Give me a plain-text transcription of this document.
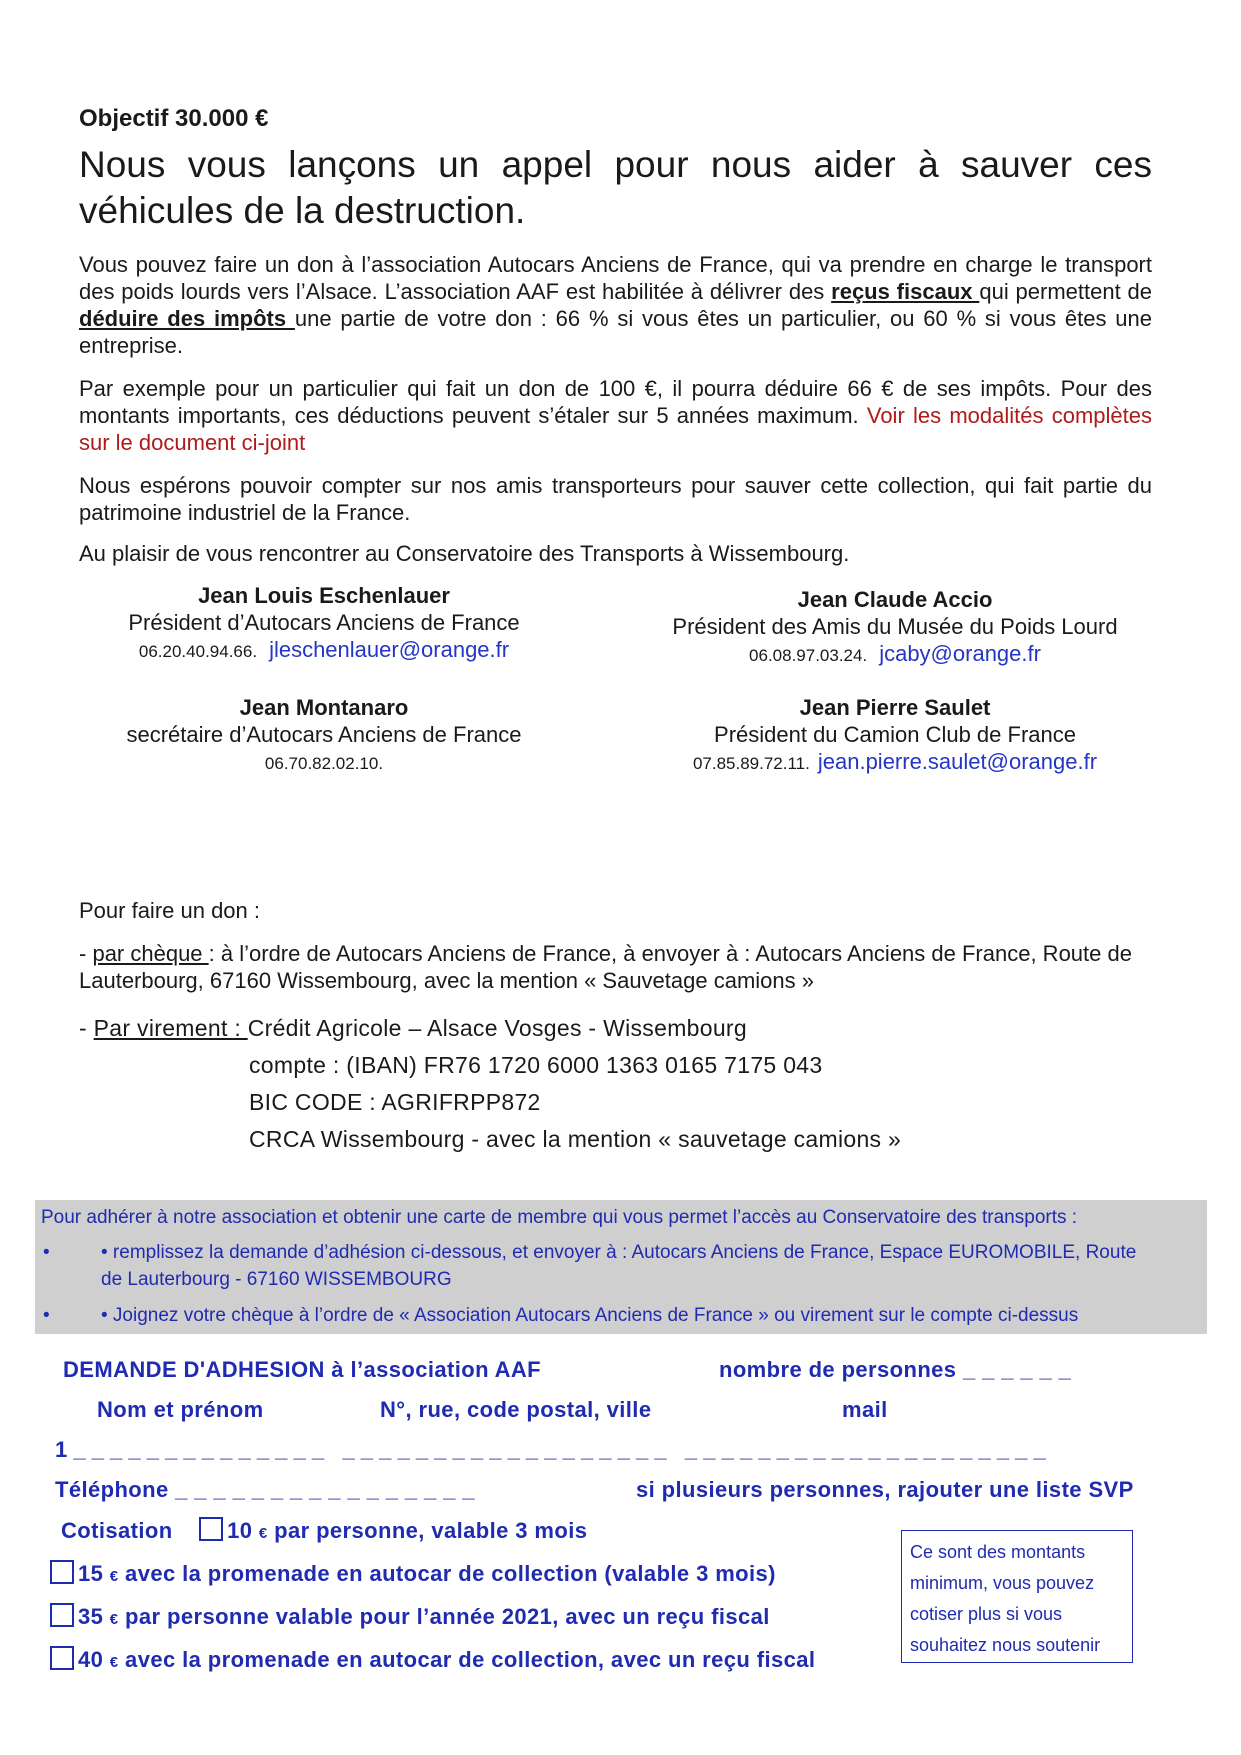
Objectif 30.000 €
Nous vous lançons un appel pour nous aider à sauver ces véhicules de la destruction.
Vous pouvez faire un don à l’association Autocars Anciens de France, qui va prendre en charge le transport des poids lourds vers l’Alsace. L’association AAF est habilitée à délivrer des reçus fiscaux qui permettent de déduire des impôts une partie de votre don : 66 % si vous êtes un particulier, ou 60 % si vous êtes une entreprise.
Par exemple pour un particulier qui fait un don de 100 €, il pourra déduire 66 € de ses impôts. Pour des montants importants, ces déductions peuvent s’étaler sur 5 années maximum. Voir les modalités complètes sur le document ci-joint
Nous espérons pouvoir compter sur nos amis transporteurs pour sauver cette collection, qui fait partie du patrimoine industriel de la France.
Au plaisir de vous rencontrer au Conservatoire des Transports à Wissembourg.
Jean Louis Eschenlauer
Président d’Autocars Anciens de France
06.20.40.94.66. jleschenlauer@orange.fr
Jean Claude Accio
Président des Amis du Musée du Poids Lourd
06.08.97.03.24. jcaby@orange.fr
Jean Montanaro
secrétaire d’Autocars Anciens de France
06.70.82.02.10.
Jean Pierre Saulet
Président du Camion Club de France
07.85.89.72.11. jean.pierre.saulet@orange.fr
Pour faire un don :
- par chèque : à l’ordre de Autocars Anciens de France, à envoyer à : Autocars Anciens de France, Route de Lauterbourg, 67160 Wissembourg, avec la mention « Sauvetage camions »
- Par virement : Crédit Agricole – Alsace Vosges - Wissembourg
compte : (IBAN) FR76 1720 6000 1363 0165 7175 043
BIC CODE : AGRIFRPP872
CRCA Wissembourg - avec la mention « sauvetage camions »
Pour adhérer à notre association et obtenir une carte de membre qui vous permet l’accès au Conservatoire des transports :
•	• remplissez la demande d’adhésion ci-dessous, et envoyer à : Autocars Anciens de France, Espace EUROMOBILE, Route
de Lauterbourg - 67160 WISSEMBOURG
•	• Joignez votre chèque à l’ordre de « Association Autocars Anciens de France » ou virement sur le compte ci-dessus
DEMANDE D'ADHESION à l’association AAF	nombre de personnes _ _ _ _ _ _
Nom et prénom	N°, rue, code postal, ville	mail
1 _ _ _ _ _ _ _ _ _ _ _ _ _ _   _ _ _ _ _ _ _ _ _ _ _ _ _ _ _ _ _ _   _ _ _ _ _ _ _ _ _ _ _ _ _ _ _ _ _ _ _ _
Téléphone _ _ _ _ _ _ _ _ _ _ _ _ _ _ _ _	si plusieurs personnes, rajouter une liste SVP
Cotisation 10 € par personne, valable 3 mois
15 € avec la promenade en autocar de collection (valable 3 mois)
35 € par personne valable pour l’année 2021, avec un reçu fiscal
40 € avec la promenade en autocar de collection, avec un reçu fiscal
Ce sont des montants minimum, vous pouvez cotiser plus si vous souhaitez nous soutenir
